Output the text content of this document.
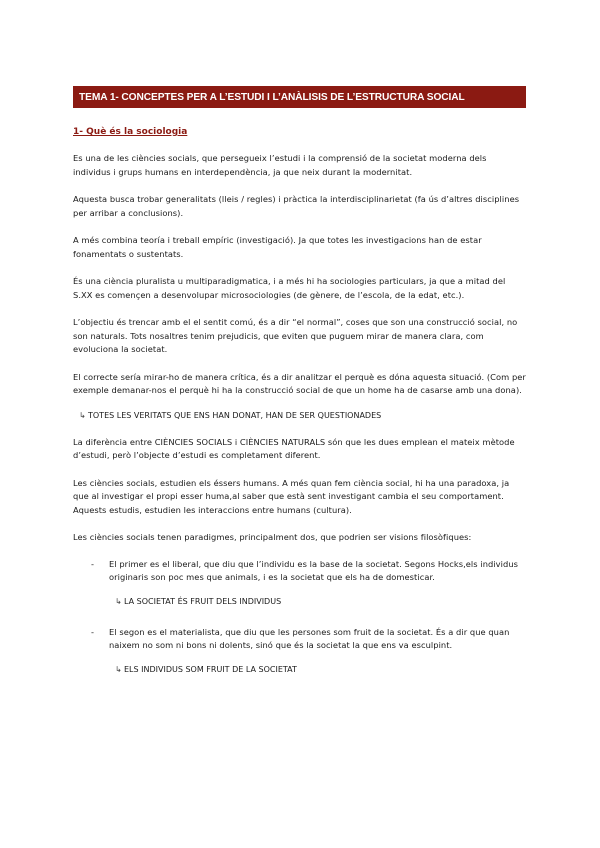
TEMA 1- CONCEPTES PER A L’ESTUDI I L’ANÀLISIS DE L’ESTRUCTURA SOCIAL
1- Què és la sociologia

Es una de les ciències socials, que persegueix l’estudi i la comprensió de la societat moderna dels individus i grups humans en interdependència, ja que neix durant la modernitat.

Aquesta busca trobar generalitats (lleis / regles) i pràctica la interdisciplinarietat (fa ús d’altres disciplines per arribar a conclusions).

A més combina teoría i treball empíric (investigació). Ja que totes les investigacions han de estar fonamentats o sustentats.

És una ciència pluralista u multiparadigmatica, i a més hi ha sociologies particulars, ja que a mitad del S.XX es començen a desenvolupar microsociologies (de gènere, de l’escola, de la edat, etc.).

L’objectiu és trencar amb el el sentit comú, és a dir “el normal”, coses que son una construcció social, no son naturals. Tots nosaltres tenim prejudicis, que eviten que puguem mirar de manera clara, com evoluciona la societat.

El correcte sería mirar-ho de manera crítica, és a dir analitzar el perquè es dóna aquesta situació. (Com per exemple demanar-nos el perquè hi ha la construcció social de que un home ha de casarse amb una dona).

↳ TOTES LES VERITATS QUE ENS HAN DONAT, HAN DE SER QUESTIONADES

La diferència entre CIÈNCIES SOCIALS i CIÈNCIES NATURALS són que les dues emplean el mateix mètode d’estudi, però l’objecte d’estudi es completament diferent.

Les ciències socials, estudien els éssers humans. A més quan fem ciència social, hi ha una paradoxa, ja que al investigar el propi esser huma,al saber que està sent investigant cambia el seu comportament. Aquests estudis, estudien les interaccions entre humans (cultura).

Les ciències socials tenen paradigmes, principalment dos, que podrien ser visions filosòfiques:

- El primer es el liberal, que diu que l’individu es la base de la societat. Segons Hocks,els individus originaris son poc mes que animals, i es la societat que els ha de domesticar.

↳ LA SOCIETAT ÉS FRUIT DELS INDIVIDUS
- El segon es el materialista, que diu que les persones som fruit de la societat. És a dir que quan naixem no som ni bons ni dolents, sinó que és la societat la que ens va esculpint.

↳ ELS INDIVIDUS SOM FRUIT DE LA SOCIETAT
